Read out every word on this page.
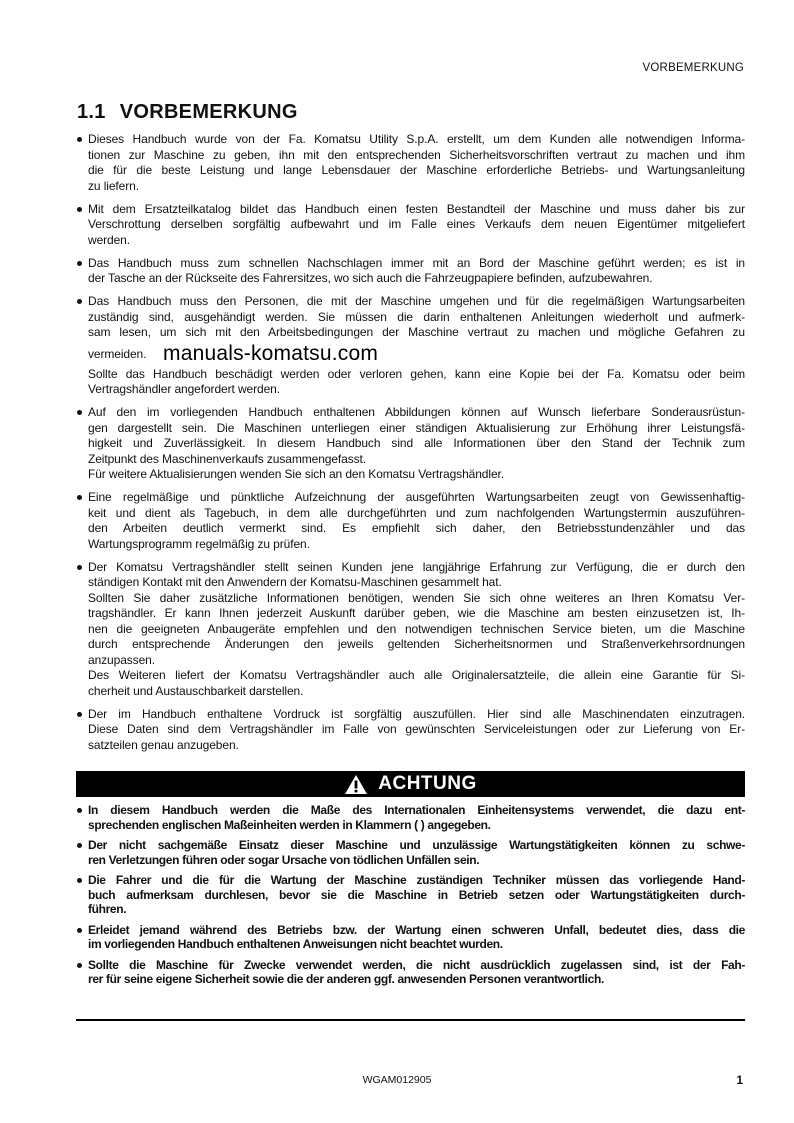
VORBEMERKUNG
1.1 VORBEMERKUNG
Dieses Handbuch wurde von der Fa. Komatsu Utility S.p.A. erstellt, um dem Kunden alle notwendigen Informa-
tionen zur Maschine zu geben, ihn mit den entsprechenden Sicherheitsvorschriften vertraut zu machen und ihm
die für die beste Leistung und lange Lebensdauer der Maschine erforderliche Betriebs- und Wartungsanleitung
zu liefern.
Mit dem Ersatzteilkatalog bildet das Handbuch einen festen Bestandteil der Maschine und muss daher bis zur
Verschrottung derselben sorgfältig aufbewahrt und im Falle eines Verkaufs dem neuen Eigentümer mitgeliefert
werden.
Das Handbuch muss zum schnellen Nachschlagen immer mit an Bord der Maschine geführt werden; es ist in
der Tasche an der Rückseite des Fahrersitzes, wo sich auch die Fahrzeugpapiere befinden, aufzubewahren.
Das Handbuch muss den Personen, die mit der Maschine umgehen und für die regelmäßigen Wartungsarbeiten
zuständig sind, ausgehändigt werden. Sie müssen die darin enthaltenen Anleitungen wiederholt und aufmerk-
sam lesen, um sich mit den Arbeitsbedingungen der Maschine vertraut zu machen und mögliche Gefahren zu
vermeiden. manuals-komatsu.com
Sollte das Handbuch beschädigt werden oder verloren gehen, kann eine Kopie bei der Fa. Komatsu oder beim
Vertragshändler angefordert werden.
Auf den im vorliegenden Handbuch enthaltenen Abbildungen können auf Wunsch lieferbare Sonderausrüstun-
gen dargestellt sein. Die Maschinen unterliegen einer ständigen Aktualisierung zur Erhöhung ihrer Leistungsfä-
higkeit und Zuverlässigkeit. In diesem Handbuch sind alle Informationen über den Stand der Technik zum
Zeitpunkt des Maschinenverkaufs zusammengefasst.
Für weitere Aktualisierungen wenden Sie sich an den Komatsu Vertragshändler.
Eine regelmäßige und pünktliche Aufzeichnung der ausgeführten Wartungsarbeiten zeugt von Gewissenhaftig-
keit und dient als Tagebuch, in dem alle durchgeführten und zum nachfolgenden Wartungstermin auszuführen-
den Arbeiten deutlich vermerkt sind. Es empfiehlt sich daher, den Betriebsstundenzähler und das
Wartungsprogramm regelmäßig zu prüfen.
Der Komatsu Vertragshändler stellt seinen Kunden jene langjährige Erfahrung zur Verfügung, die er durch den
ständigen Kontakt mit den Anwendern der Komatsu-Maschinen gesammelt hat.
Sollten Sie daher zusätzliche Informationen benötigen, wenden Sie sich ohne weiteres an Ihren Komatsu Ver-
tragshändler. Er kann Ihnen jederzeit Auskunft darüber geben, wie die Maschine am besten einzusetzen ist, Ih-
nen die geeigneten Anbaugeräte empfehlen und den notwendigen technischen Service bieten, um die Maschine
durch entsprechende Änderungen den jeweils geltenden Sicherheitsnormen und Straßenverkehrsordnungen
anzupassen.
Des Weiteren liefert der Komatsu Vertragshändler auch alle Originalersatzteile, die allein eine Garantie für Si-
cherheit und Austauschbarkeit darstellen.
Der im Handbuch enthaltene Vordruck ist sorgfältig auszufüllen. Hier sind alle Maschinendaten einzutragen.
Diese Daten sind dem Vertragshändler im Falle von gewünschten Serviceleistungen oder zur Lieferung von Er-
satzteilen genau anzugeben.
ACHTUNG
In diesem Handbuch werden die Maße des Internationalen Einheitensystems verwendet, die dazu ent-
sprechenden englischen Maßeinheiten werden in Klammern ( ) angegeben.
Der nicht sachgemäße Einsatz dieser Maschine und unzulässige Wartungstätigkeiten können zu schwe-
ren Verletzungen führen oder sogar Ursache von tödlichen Unfällen sein.
Die Fahrer und die für die Wartung der Maschine zuständigen Techniker müssen das vorliegende Hand-
buch aufmerksam durchlesen, bevor sie die Maschine in Betrieb setzen oder Wartungstätigkeiten durch-
führen.
Erleidet jemand während des Betriebs bzw. der Wartung einen schweren Unfall, bedeutet dies, dass die
im vorliegenden Handbuch enthaltenen Anweisungen nicht beachtet wurden.
Sollte die Maschine für Zwecke verwendet werden, die nicht ausdrücklich zugelassen sind, ist der Fah-
rer für seine eigene Sicherheit sowie die der anderen ggf. anwesenden Personen verantwortlich.
WGAM012905	1
